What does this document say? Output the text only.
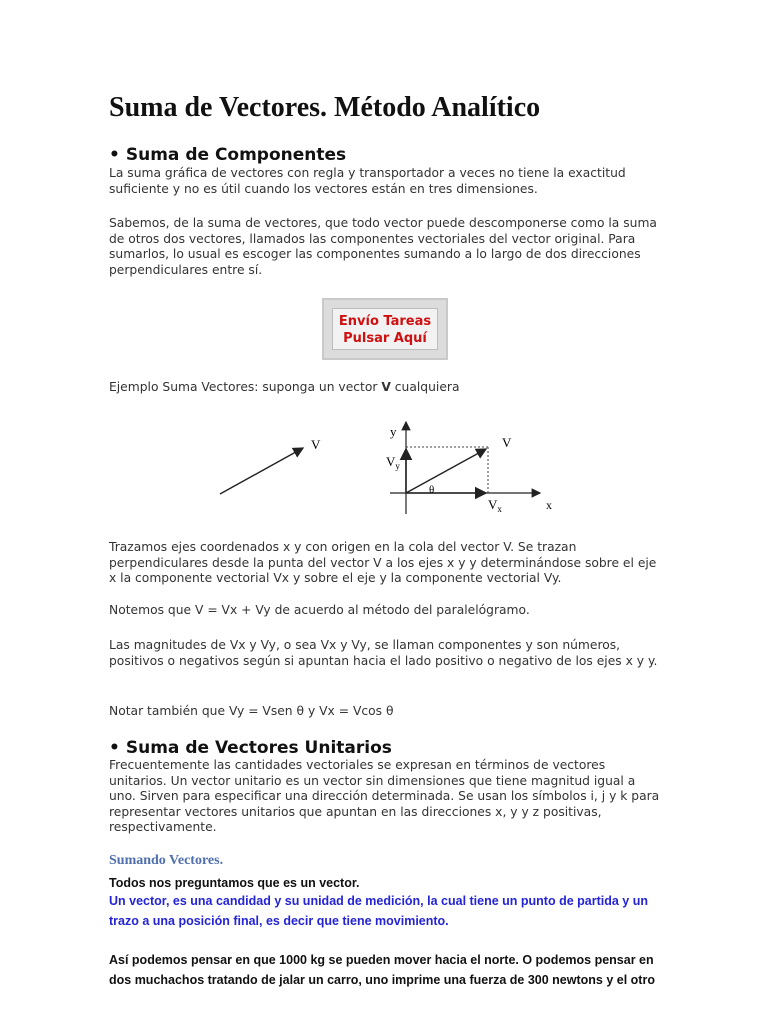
Suma de Vectores. Método Analítico
• Suma de Componentes

La suma gráfica de vectores con regla y transportador a veces no tiene la exactitud suficiente y no es útil cuando los vectores están en tres dimensiones.

Sabemos, de la suma de vectores, que todo vector puede descomponerse como la suma de otros dos vectores, llamados las componentes vectoriales del vector original. Para sumarlos, lo usual es escoger las componentes sumando a lo largo de dos direcciones perpendiculares entre sí.

Envío Tareas
Pulsar Aquí

Ejemplo Suma Vectores: suponga un vector V cualquiera

V
y
x
V
$V_y$
$V_x$
θ

Trazamos ejes coordenados x y con origen en la cola del vector V. Se trazan perpendiculares desde la punta del vector V a los ejes x y y determinándose sobre el eje x la componente vectorial Vx y sobre el eje y la componente vectorial Vy.

Notemos que V = Vx + Vy de acuerdo al método del paralelógramo.

Las magnitudes de Vx y Vy, o sea Vx y Vy, se llaman componentes y son números, positivos o negativos según si apuntan hacia el lado positivo o negativo de los ejes x y y.

Notar también que Vy = Vsen θ y Vx = Vcos θ

• Suma de Vectores Unitarios

Frecuentemente las cantidades vectoriales se expresan en términos de vectores unitarios. Un vector unitario es un vector sin dimensiones que tiene magnitud igual a uno. Sirven para especificar una dirección determinada. Se usan los símbolos i, j y k para representar vectores unitarios que apuntan en las direcciones x, y y z positivas, respectivamente.

Sumando Vectores.

Todos nos preguntamos que es un vector.

Un vector, es una candidad y su unidad de medición, la cual tiene un punto de partida y un trazo a una posición final, es decir que tiene movimiento.

Así podemos pensar en que 1000 kg se pueden mover hacia el norte. O podemos pensar en dos muchachos tratando de jalar un carro, uno imprime una fuerza de 300 newtons y el otro
